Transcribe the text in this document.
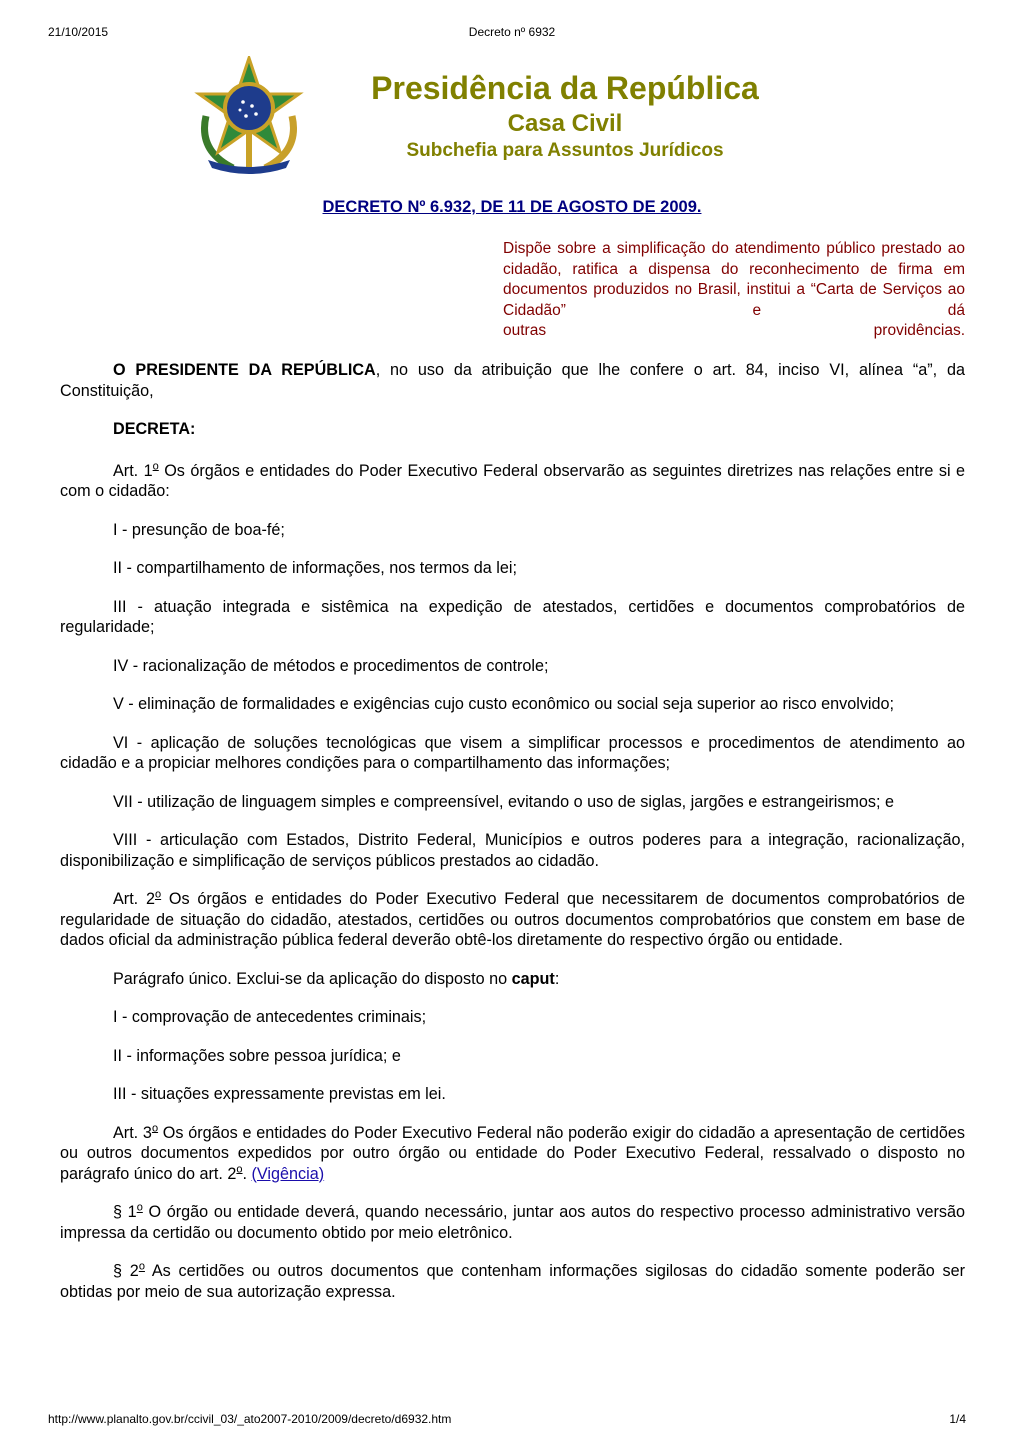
21/10/2015	Decreto nº 6932
Presidência da República
Casa Civil
Subchefia para Assuntos Jurídicos
DECRETO Nº 6.932, DE 11 DE AGOSTO DE 2009.
Dispõe sobre a simplificação do atendimento público prestado ao cidadão, ratifica a dispensa do reconhecimento de firma em documentos produzidos no Brasil, institui a “Carta de Serviços ao Cidadão” e dá
outras providências.

O PRESIDENTE DA REPÚBLICA, no uso da atribuição que lhe confere o art. 84, inciso VI, alínea “a”, da Constituição,

DECRETA:

Art. 1$^o$ Os órgãos e entidades do Poder Executivo Federal observarão as seguintes diretrizes nas relações entre si e com o cidadão:

I - presunção de boa-fé;

II - compartilhamento de informações, nos termos da lei;

III - atuação integrada e sistêmica na expedição de atestados, certidões e documentos comprobatórios de regularidade;

IV - racionalização de métodos e procedimentos de controle;

V - eliminação de formalidades e exigências cujo custo econômico ou social seja superior ao risco envolvido;

VI - aplicação de soluções tecnológicas que visem a simplificar processos e procedimentos de atendimento ao cidadão e a propiciar melhores condições para o compartilhamento das informações;

VII - utilização de linguagem simples e compreensível, evitando o uso de siglas, jargões e estrangeirismos; e

VIII - articulação com Estados, Distrito Federal, Municípios e outros poderes para a integração, racionalização, disponibilização e simplificação de serviços públicos prestados ao cidadão.

Art. 2$^o$ Os órgãos e entidades do Poder Executivo Federal que necessitarem de documentos comprobatórios de regularidade de situação do cidadão, atestados, certidões ou outros documentos comprobatórios que constem em base de dados oficial da administração pública federal deverão obtê-los diretamente do respectivo órgão ou entidade.

Parágrafo único. Exclui-se da aplicação do disposto no caput:

I - comprovação de antecedentes criminais;

II - informações sobre pessoa jurídica; e

III - situações expressamente previstas em lei.

Art. 3$^o$ Os órgãos e entidades do Poder Executivo Federal não poderão exigir do cidadão a apresentação de certidões ou outros documentos expedidos por outro órgão ou entidade do Poder Executivo Federal, ressalvado o disposto no parágrafo único do art. 2$^o$. (Vigência)

§ 1$^o$ O órgão ou entidade deverá, quando necessário, juntar aos autos do respectivo processo administrativo versão impressa da certidão ou documento obtido por meio eletrônico.

§ 2$^o$ As certidões ou outros documentos que contenham informações sigilosas do cidadão somente poderão ser obtidas por meio de sua autorização expressa.

http://www.planalto.gov.br/ccivil_03/_ato2007-2010/2009/decreto/d6932.htm	1/4
